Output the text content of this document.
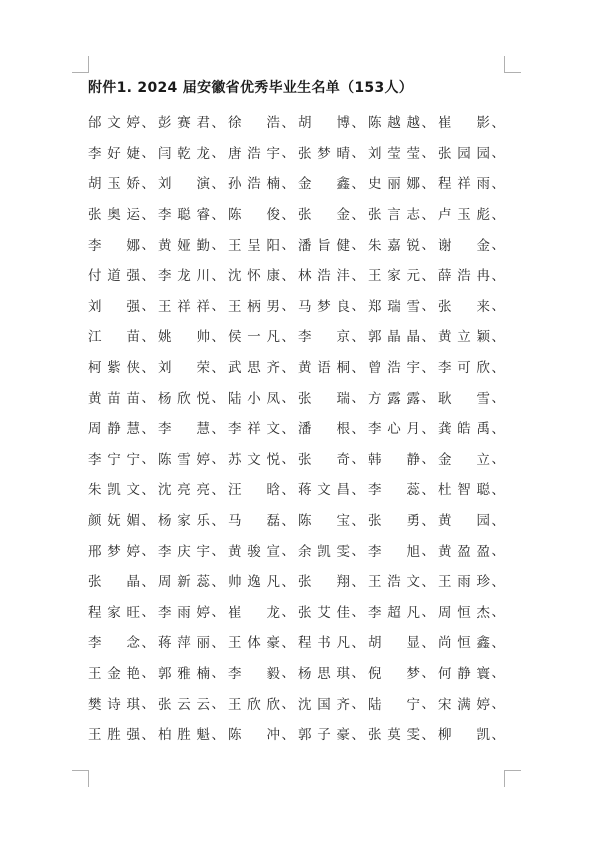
附件1. 2024 届安徽省优秀毕业生名单（153人）
邰文婷 、 彭赛君 、 徐浩 、 胡博 、 陈越越 、 崔影 、
李好婕 、 闫乾龙 、 唐浩宇 、 张梦晴 、 刘莹莹 、 张园园 、
胡玉娇 、 刘演 、 孙浩楠 、 金鑫 、 史丽娜 、 程祥雨 、
张奥运 、 李聪睿 、 陈俊 、 张金 、 张言志 、 卢玉彪 、
李娜 、 黄娅勤 、 王呈阳 、 潘旨健 、 朱嘉锐 、 谢金 、
付道强 、 李龙川 、 沈怀康 、 林浩沣 、 王家元 、 薛浩冉 、
刘强 、 王祥祥 、 王柄男 、 马梦良 、 郑瑞雪 、 张来 、
江苗 、 姚帅 、 侯一凡 、 李京 、 郭晶晶 、 黄立颖 、
柯紫侠 、 刘荣 、 武思齐 、 黄语桐 、 曾浩宇 、 李可欣 、
黄苗苗 、 杨欣悦 、 陆小凤 、 张瑞 、 方露露 、 耿雪 、
周静慧 、 李慧 、 李祥文 、 潘根 、 李心月 、 龚皓禹 、
李宁宁 、 陈雪婷 、 苏文悦 、 张奇 、 韩静 、 金立 、
朱凯文 、 沈亮亮 、 汪晗 、 蒋文昌 、 李蕊 、 杜智聪 、
颜妩媚 、 杨家乐 、 马磊 、 陈宝 、 张勇 、 黄园 、
邢梦婷 、 李庆宇 、 黄骏宣 、 余凯雯 、 李旭 、 黄盈盈 、
张晶 、 周新蕊 、 帅逸凡 、 张翔 、 王浩文 、 王雨珍 、
程家旺 、 李雨婷 、 崔龙 、 张艾佳 、 李超凡 、 周恒杰 、
李念 、 蒋萍丽 、 王体豪 、 程书凡 、 胡显 、 尚恒鑫 、
王金艳 、 郭雅楠 、 李毅 、 杨思琪 、 倪梦 、 何静寰 、
樊诗琪 、 张云云 、 王欣欣 、 沈国齐 、 陆宁 、 宋满婷 、
王胜强 、 柏胜魁 、 陈冲 、 郭子豪 、 张莫雯 、 柳凯 、
